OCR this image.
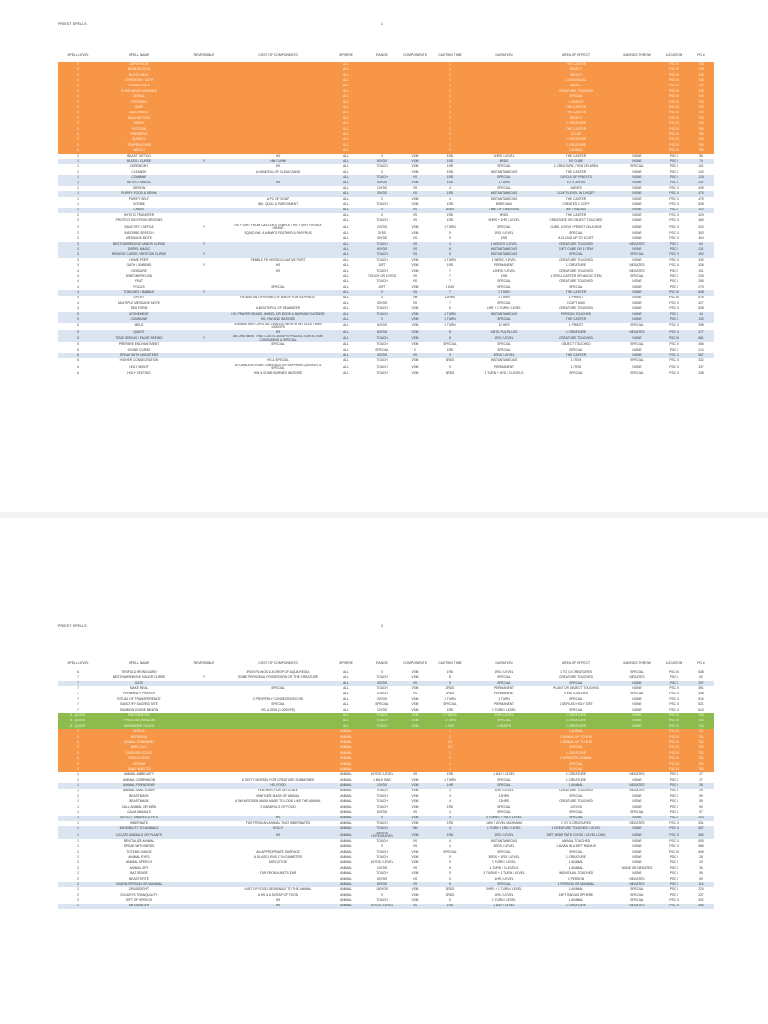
PRIEST SPELLS	1
SPELL LEVEL	SPELL NAME	REVERSIBLE	COST OF COMPONENTS	SPHERE	RANGE	COMPONENTS	CASTING TIME	DURATION	AREA OF EFFECT	SAVINGS THROW	LOCATION	PG #
0	ASPERSION			ALL			1		THE CASTER		PSC III	748
0	BENEDICTION			ALL			1		OBJECT		PSC III	748
0	BLESS MEAL			ALL			1		OBJECT		PSC III	748
0	CEREMONY: OATH			ALL			1		1 INDIVIDUAL		PSC III	748
0	CONSECRATE			ALL			1		OBJECT		PSC III	749
0	CURE MINOR WOUNDS			ALL			1		CREATURE TOUCHED		PSC III	749
0	DENIAL			ALL			1		SPECIAL		PSC III	749
0	FRESHEN			ALL			1		1 OBJECT		PSC III	749
0	HASE			ALL			1		THE CASTER		PSC III	749
0	JUDGEMENT			ALL			1		THE CASTER		PSC III	749
0	MALEDICTION			ALL			1		OBJECT		PSC III	749
0	PARRY			ALL			1		1 CREATURE		PSC III	749
0	PETITION			ALL			1		THE CASTER		PSC III	750
0	PRESERVE			ALL			1		10 LBS		PSC III	750
0	QUENCH			ALL			1		1 CREATURE		PSC III	750
0	TEMPERATURE			ALL			1		1 CREATURE		PSC III	750
0	WATCH			ALL			1		1 ANIMAL		PSC III	750
1	BEAST TATTOO		HS	ALL	0	VSM	1RD	1HRS / LEVEL	THE CASTER	NONE	PSC I	58
1	BLESS / CURSE	Y	HW / UHW	ALL	60YDS	VSM	1RD	6RDS	50' CUBE	NONE	PSC I	74
1	CEREMONY		HS	ALL	TOUCH	VSM	1HR	SPECIAL	1 CREATURE, ITEM OR AREA	SPECIAL	PSC I	101
1	CLEANSE		A HANDFUL OF CLEAN SAND	ALL	0	VSM	1RD	INSTANTANEOUS	THE CASTER	NONE	PSC I	120
1	COMBINE			ALL	TOUCH	VS	1RD	SPECIAL	CIRCLE OF PRIESTS	NONE	PSC I	128
1	DETECT MAGIC		HS	ALL	30YDS	VSM	1RD	1 TURN	10' X 30YDS	NONE	PSC I	201
1	ORISON			ALL	10YDS	VS	4	SPECIAL	VARIES	NONE	PSC II	439
1	PURIFY FOOD & DRINK			ALL	30YDS	VS	1RD	INSTANTANEOUS	1CUFT/LEVEL IN 10SQFT	NONE	PSC II	475
1	PURIFY SELF		A PC OF SOAP	ALL	0	VSM	4	INSTANTANEOUS	THE CASTER	NONE	PSC II	475
1	SCRIBE		INK, QUILL & PARCHMENT	ALL	TOUCH	VSM	1RD	8HRS MAX	CREATES 1 COPY	NONE	PSC II	528
2	CHANT			ALL	0	VS	2RDS	TIME OF CHANTING	30FT RADIUS	NONE	PSC I	110
2	MYSTIC TRANSFER			ALL	0	VS	1RD	5RDS	THE CASTER	NONE	PSC II	429
2	PROTECTION FROM ORISONS			ALL	TOUCH	VS	1RD	9HRS + 1HR / LEVEL	CREATURE OR OBJECT TOUCHED	NONE	PSC II	469
2	SANCTIFY / DEFILE	Y	HS + DIRT FROM CASTER'S TEMPLE / HS + DIRT FROM A GRAVE	ALL	10YDS	VSM	1 TURN	SPECIAL	CUBE, 10YDS / PRIEST ON A SIDE	NONE	PSC II	520
2	INSCRIBE SPEECH		SQUID INK, A HAWK'S FEATHER & PAPYRUS	ALL	3YDS	VSM	5	1RD / LEVEL	SPECIAL	NONE	PSC II	353
2	MESSAGE MOTE			ALL	30YDS	VS	5	1RD	A CLOUD UP TO 1CUFT	NONE	PSC II	404
3	BESTOW/REMOVE MINOR CURSE	Y		ALL	TOUCH	VS	4	1 MONTH / LEVEL	CREATURE TOUCHED	NEGATES	PSC I	64
3	DISPEL MAGIC			ALL	60YDS	VS	6	INSTANTANEOUS	10FT CUBE OR 1 ITEM	NONE	PSC I	211
3	REMOVE CURSE / BESTOW CURSE	Y		ALL	TOUCH	VS	6	INSTANTANEOUS	SPECIAL	SPECIAL	PSC II	492
3	HOME PORT		PEBBLE FR VESSELS NATIVE PORT	ALL	TOUCH	VSM	1 TURN	1 WEEK / LEVEL	CREATURE TOUCHED	NONE	PSC II	330
3	OATH / UNBEND	Y	HS	ALL	10FT	VSM	1RD	PERMANENT	1 CREATURE	NEGATES	PSC II	436
4	CENSURE		HS	ALL	TOUCH	VSM	7	12HRS / LEVEL	CREATURE TOUCHED	NEGATES	PSC I	101
4	DWEOMERFLOW			ALL	TOUCH OR 10YDS	VS	7	1RD	1 SPELLCASTER OR MAGIC ITEM	SPECIAL	PSC I	226
4	FEAT			ALL	TOUCH	VS	7	SPECIAL	CREATURE TOUCHED	NONE	PSC I	265
4	FOCUS		SPECIAL	ALL	10FT	VSM	1 DAY	SPECIAL	SPECIAL	NONE	PSC I	279
4	TONGUES / BABBLE	Y		ALL	0	VS	7	1 TURN	THE CASTER	NONE	PSC III	648
4	UPLIFT		HS AND AN OFFERING OF 500GP FOR EA PRIEST	ALL	0	VM	12HRS	1 TURN	1 PRIEST	NONE	PSC III	676
4	MULTIPLE MESSAGE MOTE			ALL	30YDS	VS	7	SPECIAL	1CUFT MAX	NONE	PSC II	427
4	SEA FORM		A MOUTHFUL OF SEAWATER	ALL	TOUCH	VSM	6	1HR + 1 TURN / LEVEL	CREATURE TOUCHED	NONE	PSC II	528
5	ATONEMENT		HS, PRAYER BEADS, WHEEL OR BOOK & BURNING INCENSE	ALL	TOUCH	VSM	1 TURN	INSTANTANEOUS	PERSON TOUCHED	NONE	PSC I	44
5	COMMUNE		HS, HW AND INCENSE	ALL	0	VSM	1 TURN	SPECIAL	THE CASTER	NONE	PSC I	130
5	MELD		A MINIATURE CRYSTAL CHALICE WORTH NO LESS THAN 1000GPS	ALL	60YDS	VSM	1 TURN	12 HRS	1 PRIEST	SPECIAL	PSC II	398
5	QUEST		HS	ALL	60YDS	VSM	8	UNTIL FULFILLED	1 CREATURE	NEGATES	PSC II	477
5	TRUE SEEING / FALSE SEEING	Y	AN OINTMENT THAT COSTS 300GPS PRODUCTION IS TIME CONSUMING & SPECIAL	ALL	TOUCH	VSM	8	1RD / LEVEL	CREATURE TOUCHED	NONE	PSC III	661
5	PREPARE ENCHANTMENT		SPECIAL	ALL	TOUCH	VSM	SPECIAL	SPECIAL	OBJECT TOUCHED	SPECIAL	PSC II	466
6	DIVINE CURSE			ALL	SPECIAL	V	1RD	SPECIAL	SPECIAL	NONE	PSC I	214
6	SPEAK WITH MONSTERS			ALL	30YDS	VS	9	2RDS / LEVEL	THE CASTER	NONE	PSC II	567
6	HIGHER CONSECRATION		HS & SPECIAL	ALL	TOUCH	VSM	3RDS	INSTANTANEOUS	1 ITEM	SPECIAL	PSC II	332
6	HOLY MIGHT		A FLAWLESS RUBY, EMERALD OR SAPPHIRE (3000GP) & SPECIAL	ALL	TOUCH	VSM	9	PERMANENT	1 ITEM	NONE	PSC II	337
6	HOLY VESTING		HW & SOME BURNED INCENSE	ALL	TOUCH	VSM	3RDS	1 TURN + 1RD / 3 LEVELS	SPECIAL	SPECIAL	PSC II	338
PRIEST SPELLS	2
SPELL LEVEL	SPELL NAME	REVERSIBLE	COST OF COMPONENTS	SPHERE	RANGE	COMPONENTS	CASTING TIME	DURATION	AREA OF EFFECT	SAVINGS THROW	LOCATION	PG #
6	TENFOLD IRONGUARD		IRON FILINGS & A DROP OF AQUA REGIA	ALL	0	VSM	1RD	1RD / LEVEL	1 TO 10 CREATURES	SPECIAL	PSC III	638
7	BESTOW/REMOVE MAJOR CURSE	Y	SOME PERSONAL POSSESSION OF THE CREATURE	ALL	TOUCH	VSM	8	SPECIAL	CREATURE TOUCHED	NEGATES	PSC I	62
7	GATE			ALL	30YDS	VS	5	SPECIAL	SPECIAL	NONE	PSC I	297
7	MAKE REAL		SPECIAL	ALL	TOUCH	VSM	2RDS	PERMANENT	PLANT OR OBJECT TOUCHED	NONE	PSC II	391
7	PERMANCY PRAYER			ALL	TOUCH	VS	2RDS	PERMANENT	ITEM TOUCHED	SPECIAL	PSC II	446
7	RITUAL OF TRANSFERENCE		2 PROPERLY CONSECRATED HS	ALL	20YDS	VSM	1 TURN	1 TURN	SPECIAL	NONE	PSC II	510
7	SANCTIFY SACRED SITE		SPECIAL	ALL	SPECIAL	VSM	SPECIAL	PERMANENT	1 DEFILED HOLY SITE	NONE	PSC II	521
7	SUMMON DIVINE MINION		HS, A GEM (1,000GPS)	ALL	10YDS	VSM	1RD	1 TURN / LEVEL	SPECIAL	NONE	PSC II	613
8 - QUEST	PANTHEISTRY			ALL	TOUCH	VSM	2 TURNS	1HR / LEVEL	1 CREATURE	NONE	PSC III	744
8 - QUEST	PRECIOUS WISDOM			ALL	TOUCH	VSM	1 TURN	SPECIAL	1 CREATURE	NONE	PSC III	744
8 - QUEST	WISHWORD TOUCH			ALL	TOUCH	VSM	1 DAY	1 MONTH	1 CREATURE	NONE	PSC III	744
0	ARGUS			ANIMAL			1		1 ANIMAL		PSC III	751
0	BEFRIEND			ANIMAL			1		1 ANIMAL UP TO 4HD		PSC III	751
0	ANIMAL COMMAND			ANIMAL			1/4		1 ANIMAL UP TO 4HD		PSC III	752
0	BIRD CALL			ANIMAL			1/2		SPECIAL		PSC III	752
0	DISGUISE SCENT			ANIMAL			1		1 CREATURE		PSC III	752
0	FIND A STRAY			ANIMAL			1		1 DOMESTIC ANIMAL		PSC III	752
0	GROOM			ANIMAL			1		SPECIAL		PSC III	752
0	TAME INSECTS			ANIMAL			1		SPECIAL		PSC III	752
1	ANIMAL AMBIGUITY			ANIMAL	10YDS / LEVEL	VS	1RD	1 DAY / LEVEL	1 CREATURE	NEGATES	PSC I	27
1	ANIMAL COMPANION		A TASTY MORSEL FOR CREATURE SUMMONED	ANIMAL	1 MILE RAD	VSM	1 TURN	SPECIAL	1 CREATURE	NONE	PSC I	27
1	ANIMAL FRIENDSHIP		HS, FOOD	ANIMAL	10YDS	VSM	1HR	SPECIAL	1 ANIMAL	NEGATES	PSC I	28
1	ANIMAL SANCTUARY		FEATHER, FUR OR SCALE	ANIMAL	TOUCH	VSM	3	1HR / LEVEL	CREATURE TOUCHED	NEGATES	PSC I	29
1	BEASTMASK		MINITURE MASK OF ANIMAL	ANIMAL	TOUCH	VSM	4	12HRS	SPECIAL	NONE	PSC I	59
1	BEASTMASK		A 9W WOODEN MASK MADE TO LOOK LIKE THE ANIMAL	ANIMAL	TOUCH	VSM	4	12HRS	CREATURE TOUCHED	NONE	PSC I	59
1	CALL ANIMAL OR BIRD		2 HANDFULS OF FOOD	ANIMAL	TOUCH	VSM	1RD	SPECIAL	120YDS	NONE	PSC I	90
1	CALM ANIMALS			ANIMAL	60YDS	VS	4	SPECIAL	SPECIAL	SPECIAL	PSC I	97
1	DETECT SNARES & PITS		HS	ANIMAL	0	VSM	4	4 TURNS + 1RD / LEVEL	SPECIAL	NONE	PSC I	203
1	HIBERNATE		FUR FROM AN ANIMAL THAT HIBERNATES	ANIMAL	TOUCH	VSM	1RD	1WK / LEVEL MAXIMUM	1 TO 3 CREATURES	NEGATES	PSC II	331
1	INVISIBILITY TO ANIMALS		HOLLY	ANIMAL	TOUCH	SM	4	1 TURN + 1RD / LEVEL	1 CREATURE TOUCHED / LEVEL	NONE	PSC II	357
1	LOCATE ANIMALS OR PLANTS		HS	ANIMAL	300YDS +10YDS/LEVEL	VSM	1RD	1RD / LEVEL	20FT WIDE PATH 10YDS / LEVEL LONG	NONE	PSC II	380
1	REVITALIZE ANIMAL			ANIMAL	TOUCH	VS	4	INSTANTANEOUS	ANIMAL TOUCHED	NONE	PSC II	505
1	SPEAK WITH BIRDS			ANIMAL	0	VS	4	2RDS / LEVEL	1 AVIAN IN A 30FT RADIUS	NONE	PSC II	566
1	TOTEMIC IMAGE		AN APPROPRIATE SURFACE	ANIMAL	TOUCH	VSM	SPECIAL	SPECIAL	SPECIAL	NONE	PSC III	649
2	ANIMAL EYES		A GLASS LENS 1" IN DIAMETER	ANIMAL	TOUCH	VSM	5	3RDS + 1RD / LEVEL	1 CREATURE	NONE	PSC I	28
2	ANIMAL SPEECH		MISTLETOE	ANIMAL	10YDS / LEVEL	VSM	5	1 TURN / LEVEL	1 ANIMAL	NONE	PSC I	29
2	ANIMAL SPY			ANIMAL	10YDS	VS	5	1 TURN / 3 LEVELS	1 ANIMAL	NONE OR NEGATES	PSC I	30
2	BAT SENSE		FUR FROM A BAT'S EAR	ANIMAL	TOUCH	VSM	9	3 TURNS + 1 TURN / LEVEL	INDIVIDUAL TOUCHED	NONE	PSC I	55
2	BEASTSPITE			ANIMAL	60YDS	VS	5	1HR / LEVEL	1 PERSON	NEGATES	PSC I	59
2	CHARM PERSON OR MAMMAL			ANIMAL	80YDS	VS	5	SPECIAL	1 PERSON OR MAMMAL	NEGATES	PSC I	114
2	DRUIDSIGHT		A BIT OF FOOD DESIRABLE TO THE ANIMAL	ANIMAL	150YDS	VSM	3RDS	2HRS + 1 TURN / LEVEL	1 ANIMAL	SPECIAL	PSC I	224
2	ELDATH'S TRANQUILITY		A HS & A SCRAP OF FOOD	ANIMAL	0	VSM	2RDS	1RD / LEVEL	15FT RADIUS SPHERE	SPECIAL	PSC I	237
2	GIFT OF SPEECH		HS	ANIMAL	TOUCH	VSM	5	1 TURN / LEVEL	1 ANIMAL	SPECIAL	PSC II	302
2	MESSENGER		HS	ANIMAL	20YDS / LEVEL	VS	1RD	1 DAY / LEVEL	1 CREATURE	NEGATES	PSC II	405
